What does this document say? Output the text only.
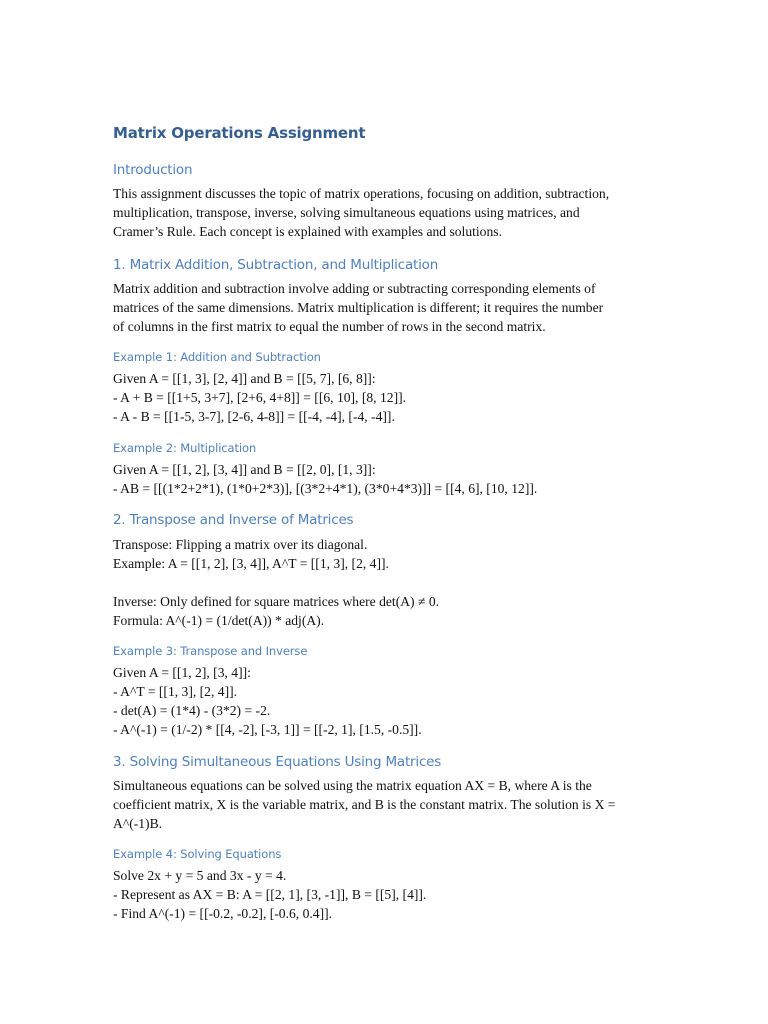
Matrix Operations Assignment
Introduction
This assignment discusses the topic of matrix operations, focusing on addition, subtraction,
multiplication, transpose, inverse, solving simultaneous equations using matrices, and
Cramer’s Rule. Each concept is explained with examples and solutions.
1. Matrix Addition, Subtraction, and Multiplication
Matrix addition and subtraction involve adding or subtracting corresponding elements of
matrices of the same dimensions. Matrix multiplication is different; it requires the number
of columns in the first matrix to equal the number of rows in the second matrix.
Example 1: Addition and Subtraction
Given A = [[1, 3], [2, 4]] and B = [[5, 7], [6, 8]]:
- A + B = [[1+5, 3+7], [2+6, 4+8]] = [[6, 10], [8, 12]].
- A - B = [[1-5, 3-7], [2-6, 4-8]] = [[-4, -4], [-4, -4]].
Example 2: Multiplication
Given A = [[1, 2], [3, 4]] and B = [[2, 0], [1, 3]]:
- AB = [[(1*2+2*1), (1*0+2*3)], [(3*2+4*1), (3*0+4*3)]] = [[4, 6], [10, 12]].
2. Transpose and Inverse of Matrices
Transpose: Flipping a matrix over its diagonal.
Example: A = [[1, 2], [3, 4]], A^T = [[1, 3], [2, 4]].
Inverse: Only defined for square matrices where det(A) ≠ 0.
Formula: A^(-1) = (1/det(A)) * adj(A).
Example 3: Transpose and Inverse
Given A = [[1, 2], [3, 4]]:
- A^T = [[1, 3], [2, 4]].
- det(A) = (1*4) - (3*2) = -2.
- A^(-1) = (1/-2) * [[4, -2], [-3, 1]] = [[-2, 1], [1.5, -0.5]].
3. Solving Simultaneous Equations Using Matrices
Simultaneous equations can be solved using the matrix equation AX = B, where A is the
coefficient matrix, X is the variable matrix, and B is the constant matrix. The solution is X =
A^(-1)B.
Example 4: Solving Equations
Solve 2x + y = 5 and 3x - y = 4.
- Represent as AX = B: A = [[2, 1], [3, -1]], B = [[5], [4]].
- Find A^(-1) = [[-0.2, -0.2], [-0.6, 0.4]].
